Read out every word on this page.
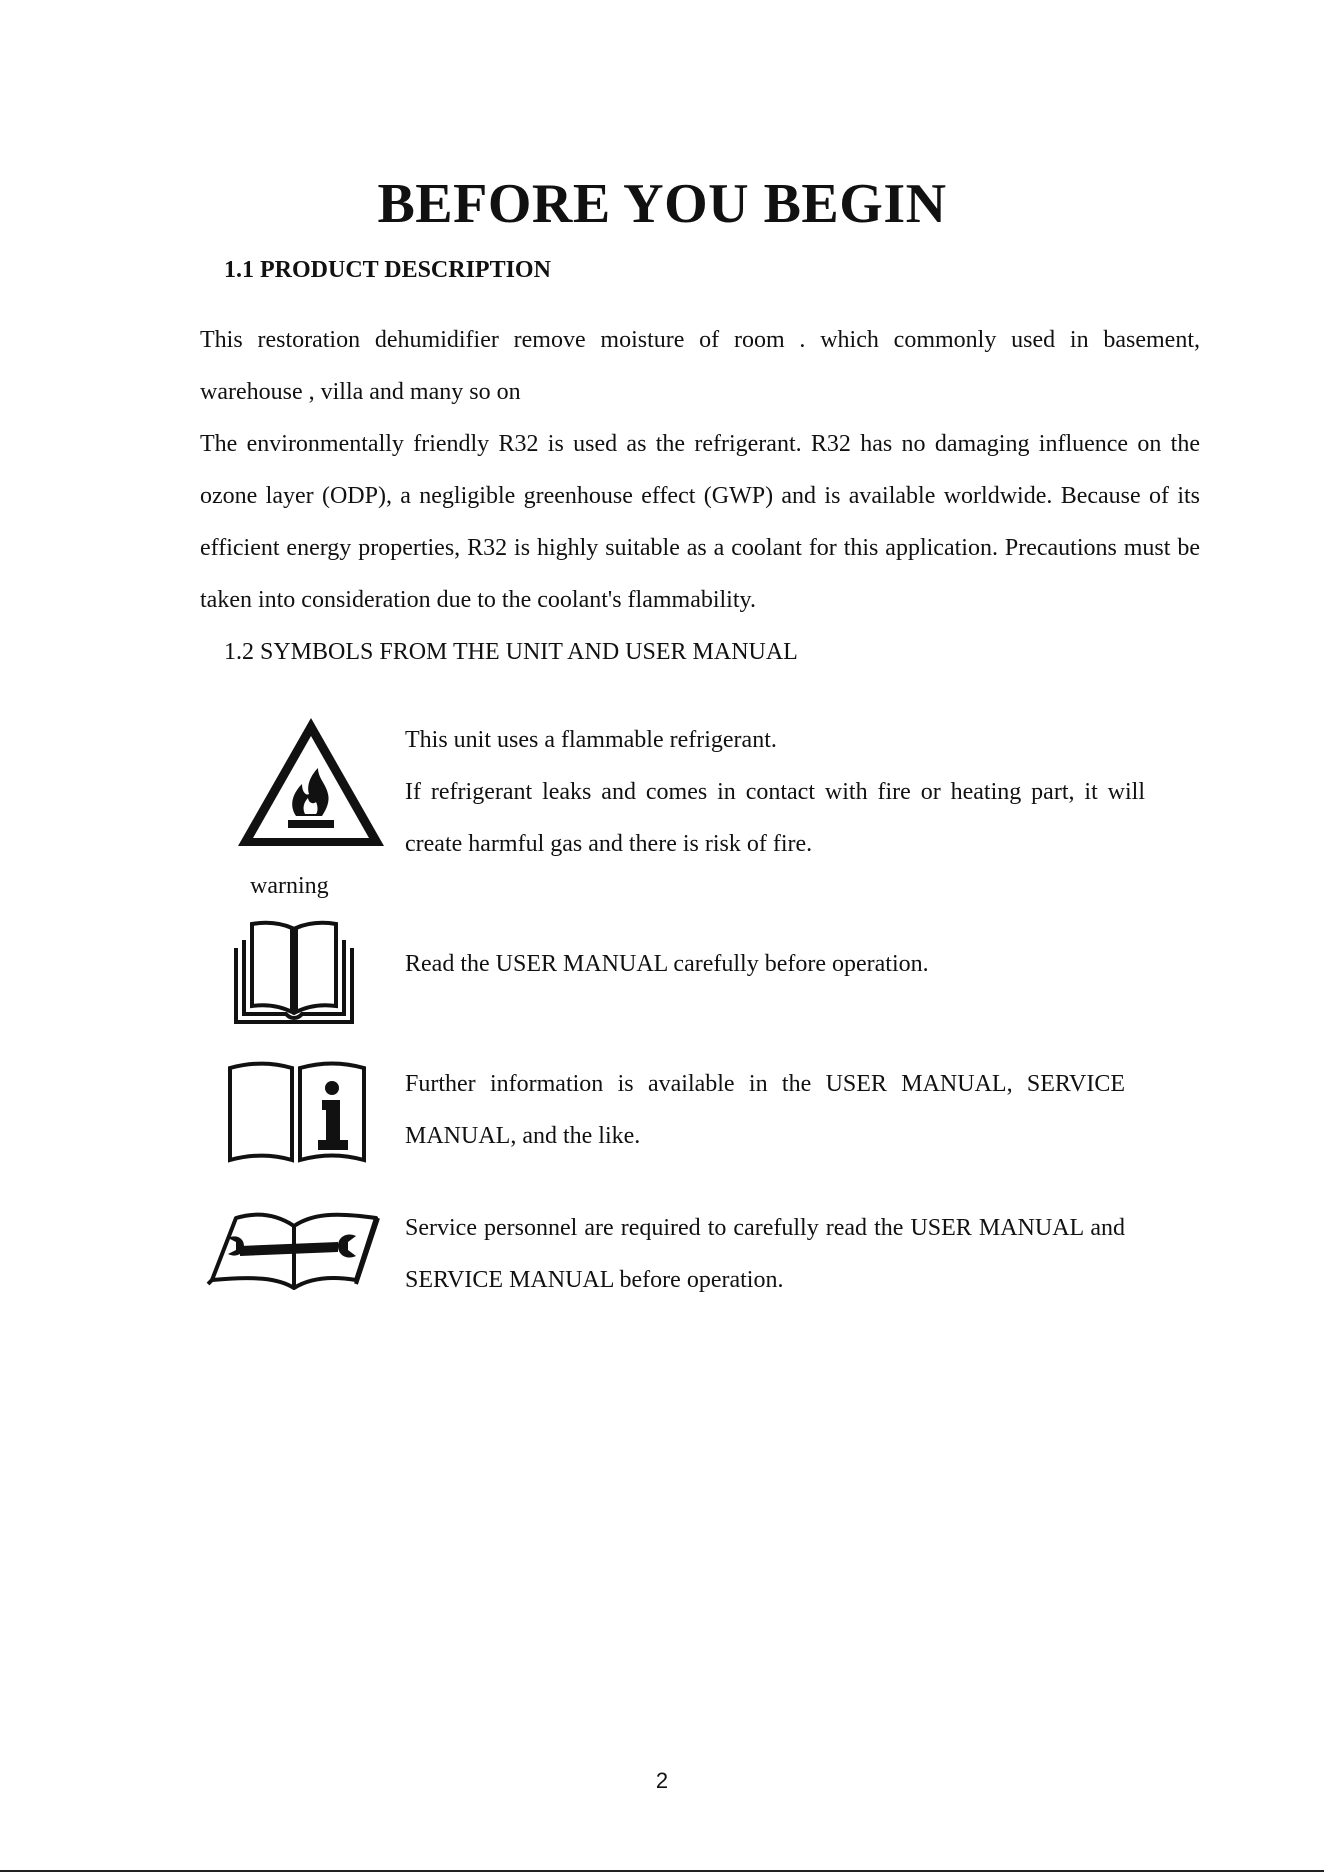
BEFORE YOU BEGIN
1.1 PRODUCT DESCRIPTION

This restoration dehumidifier remove moisture of room . which commonly used in basement, warehouse , villa and many so on

The environmentally friendly R32 is used as the refrigerant. R32 has no damaging influence on the ozone layer (ODP), a negligible greenhouse effect (GWP) and is available worldwide. Because of its efficient energy properties, R32 is highly suitable as a coolant for this application. Precautions must be taken into consideration due to the coolant's flammability.

1.2 SYMBOLS FROM THE UNIT AND USER MANUAL
warning

This unit uses a flammable refrigerant.

If refrigerant leaks and comes in contact with fire or heating part, it will create harmful gas and there is risk of fire.

Read the USER MANUAL carefully before operation.

Further information is available in the USER MANUAL, SERVICE MANUAL, and the like.

Service personnel are required to carefully read the USER MANUAL and SERVICE MANUAL before operation.

2
